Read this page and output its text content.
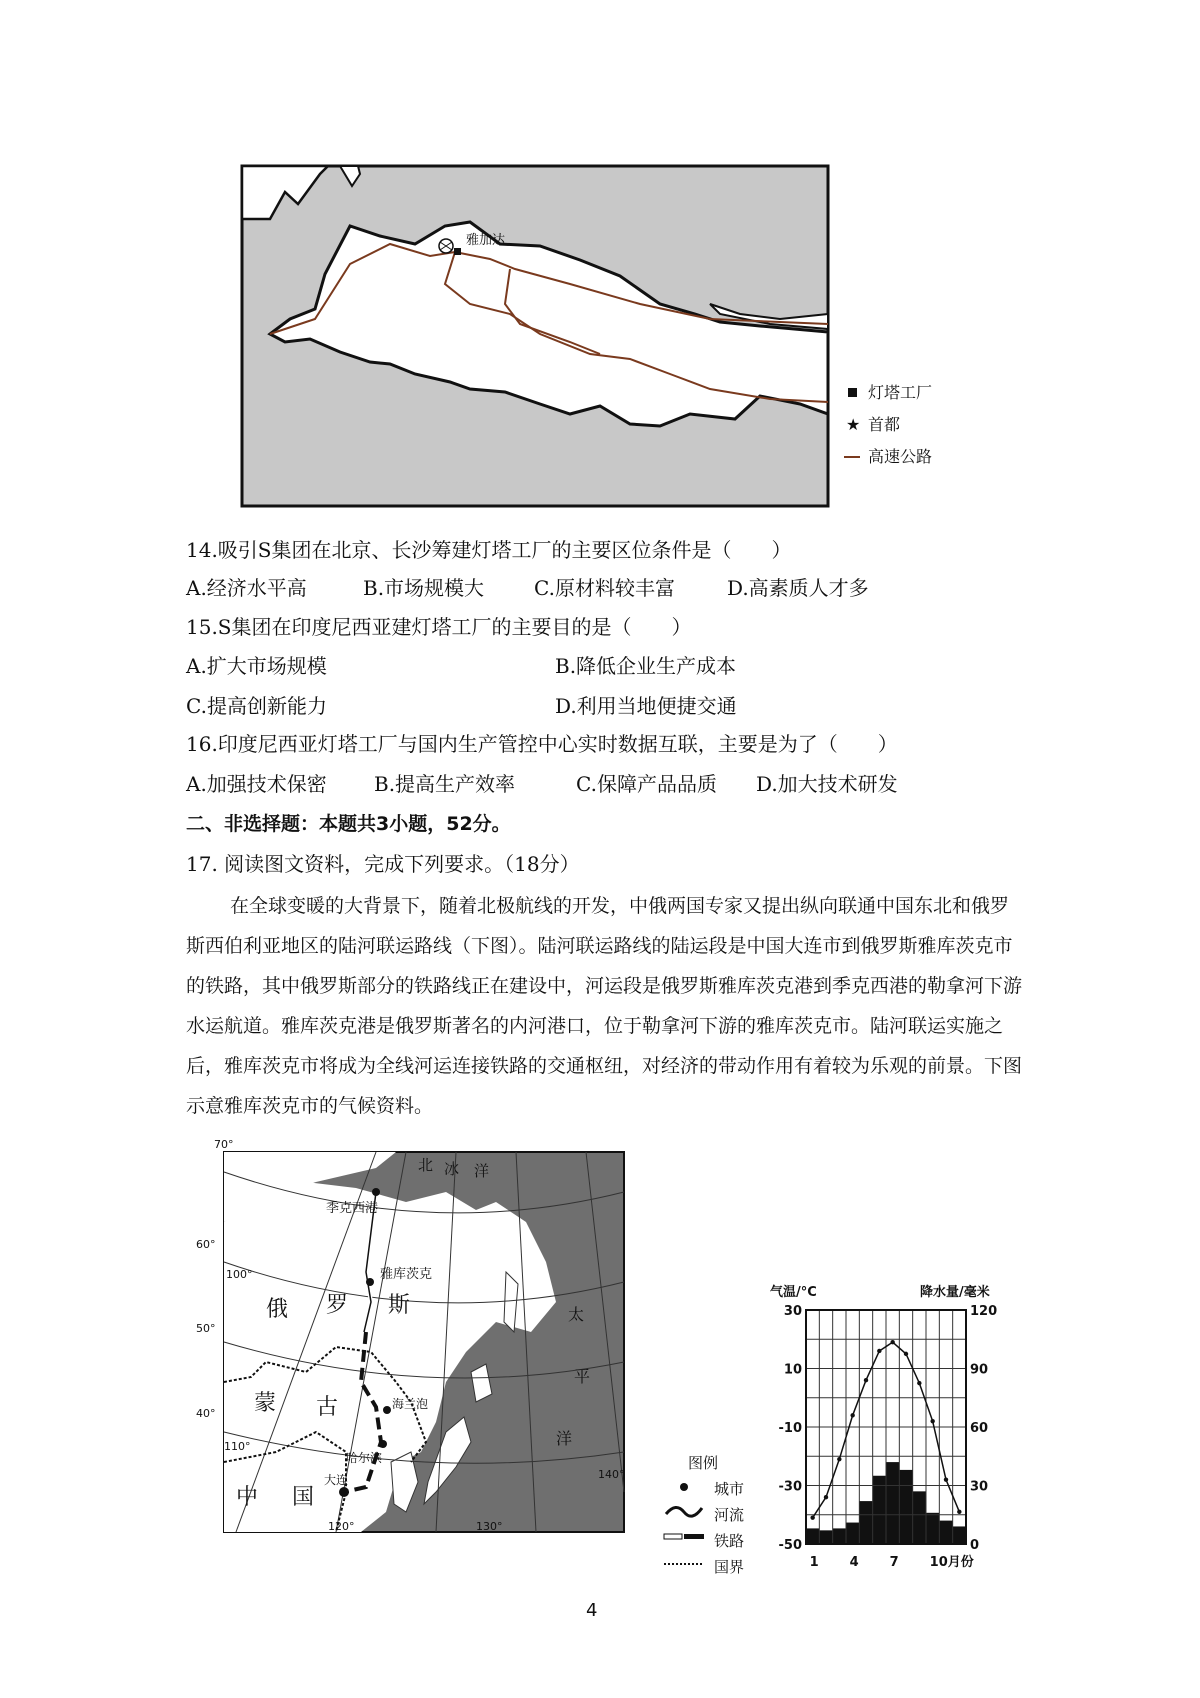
雅加达
灯塔工厂
★ 首都
高速公路
14.吸引S集团在北京、长沙筹建灯塔工厂的主要区位条件是（　　）
A.经济水平高	B.市场规模大 C.原材料较丰富	D.高素质人才多
15.S集团在印度尼西亚建灯塔工厂的主要目的是（　　）
A.扩大市场规模	B.降低企业生产成本
C.提高创新能力	D.利用当地便捷交通
16.印度尼西亚灯塔工厂与国内生产管控中心实时数据互联，主要是为了（　　）
A.加强技术保密 B.提高生产效率	C.保障产品品质 D.加大技术研发
二、非选择题：本题共3小题，52分。
17. 阅读图文资料，完成下列要求。（18分）
在全球变暖的大背景下，随着北极航线的开发，中俄两国专家又提出纵向联通中国东北和俄罗斯西伯利亚地区的陆河联运路线（下图）。陆河联运路线的陆运段是中国大连市到俄罗斯雅库茨克市的铁路，其中俄罗斯部分的铁路线正在建设中，河运段是俄罗斯雅库茨克港到季克西港的勒拿河下游水运航道。雅库茨克港是俄罗斯著名的内河港口，位于勒拿河下游的雅库茨克市。陆河联运实施之后，雅库茨克市将成为全线河运连接铁路的交通枢纽，对经济的带动作用有着较为乐观的前景。下图示意雅库茨克市的气候资料。
70°
60°
50°
40°
100°
110°
120°	130°
140°
北 冰 洋
季克西港
雅库茨克
俄 罗 斯	太
平
洋
蒙 古	海兰泡
哈尔滨
大连
中 国
图例
城市
河流
铁路
国界
气温/°C	降水量/毫米
30
10
-10
-30
-50
120
90
60
30
0
1 4 7 10月份
4
